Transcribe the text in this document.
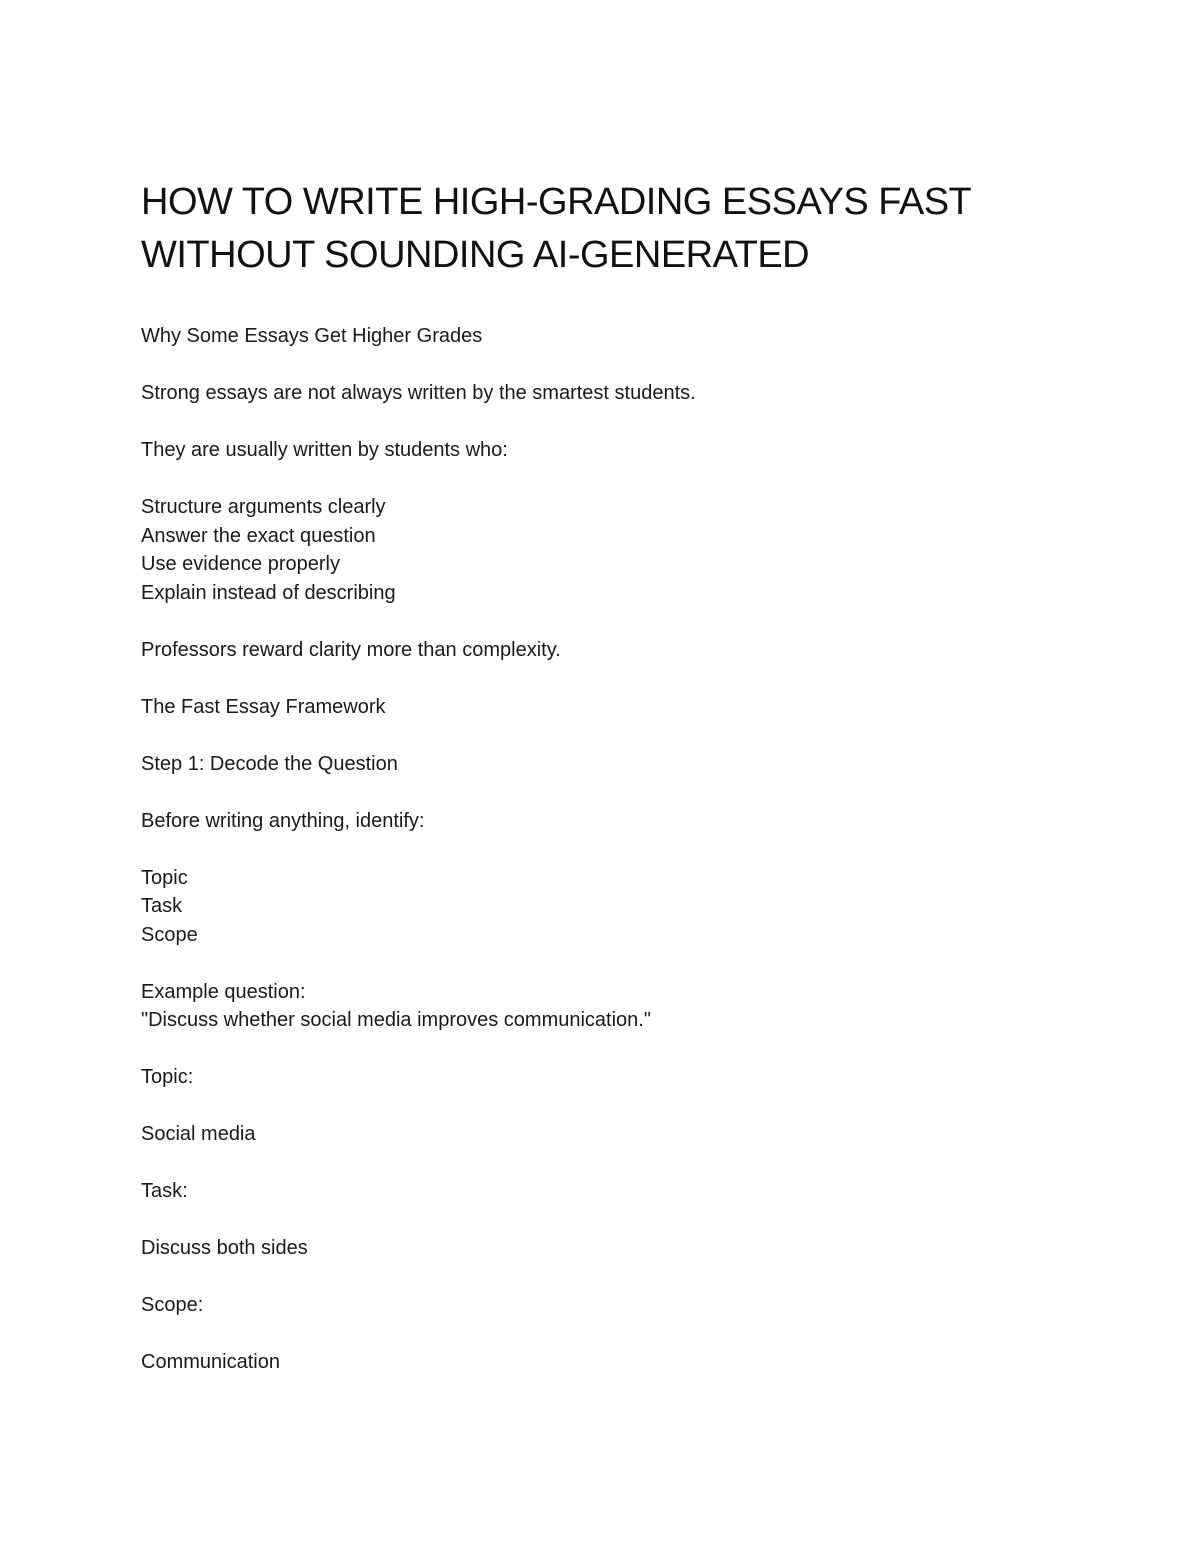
HOW TO WRITE HIGH-GRADING ESSAYS FAST
WITHOUT SOUNDING AI-GENERATED

Why Some Essays Get Higher Grades

Strong essays are not always written by the smartest students.

They are usually written by students who:

Structure arguments clearly
Answer the exact question
Use evidence properly
Explain instead of describing

Professors reward clarity more than complexity.

The Fast Essay Framework

Step 1: Decode the Question

Before writing anything, identify:

Topic
Task
Scope
Example question:
"Discuss whether social media improves communication."

Topic:

Social media

Task:

Discuss both sides

Scope:

Communication
